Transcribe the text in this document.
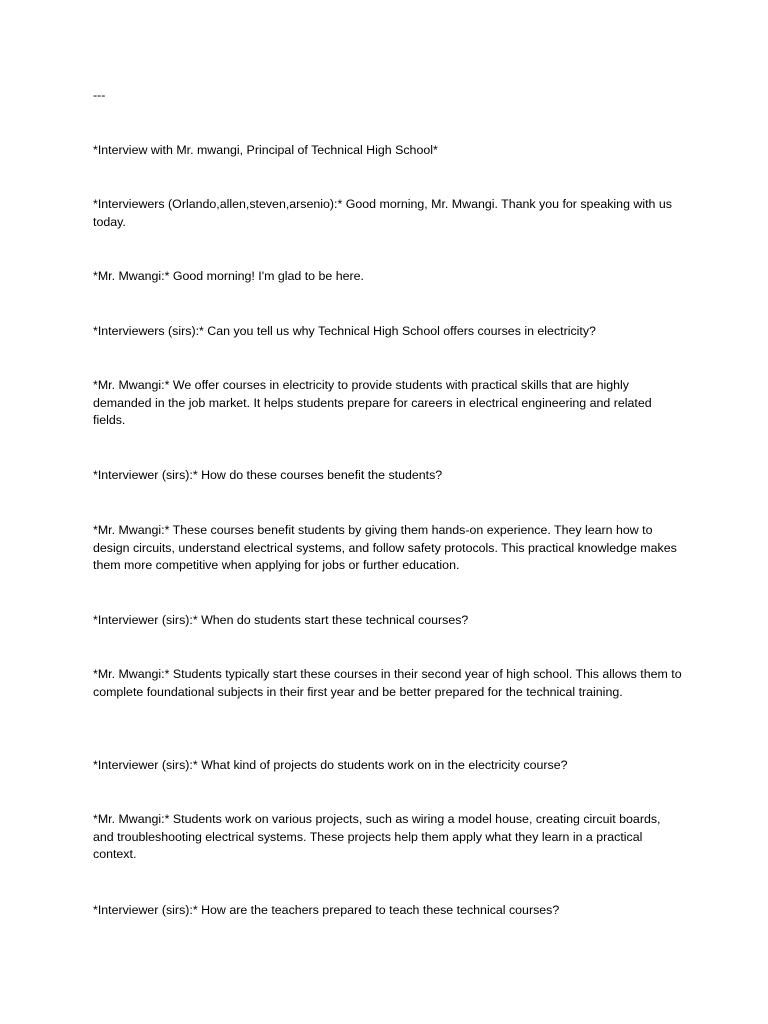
---

*Interview with Mr. mwangi, Principal of Technical High School*

*Interviewers (Orlando,allen,steven,arsenio):* Good morning, Mr. Mwangi. Thank you for speaking with us today.

*Mr. Mwangi:* Good morning! I'm glad to be here.

*Interviewers (sirs):* Can you tell us why Technical High School offers courses in electricity?

*Mr. Mwangi:* We offer courses in electricity to provide students with practical skills that are highly demanded in the job market. It helps students prepare for careers in electrical engineering and related fields.

*Interviewer (sirs):* How do these courses benefit the students?

*Mr. Mwangi:* These courses benefit students by giving them hands-on experience. They learn how to design circuits, understand electrical systems, and follow safety protocols. This practical knowledge makes them more competitive when applying for jobs or further education.

*Interviewer (sirs):* When do students start these technical courses?

*Mr. Mwangi:* Students typically start these courses in their second year of high school. This allows them to complete foundational subjects in their first year and be better prepared for the technical training.

*Interviewer (sirs):* What kind of projects do students work on in the electricity course?

*Mr. Mwangi:* Students work on various projects, such as wiring a model house, creating circuit boards, and troubleshooting electrical systems. These projects help them apply what they learn in a practical context.

*Interviewer (sirs):* How are the teachers prepared to teach these technical courses?
